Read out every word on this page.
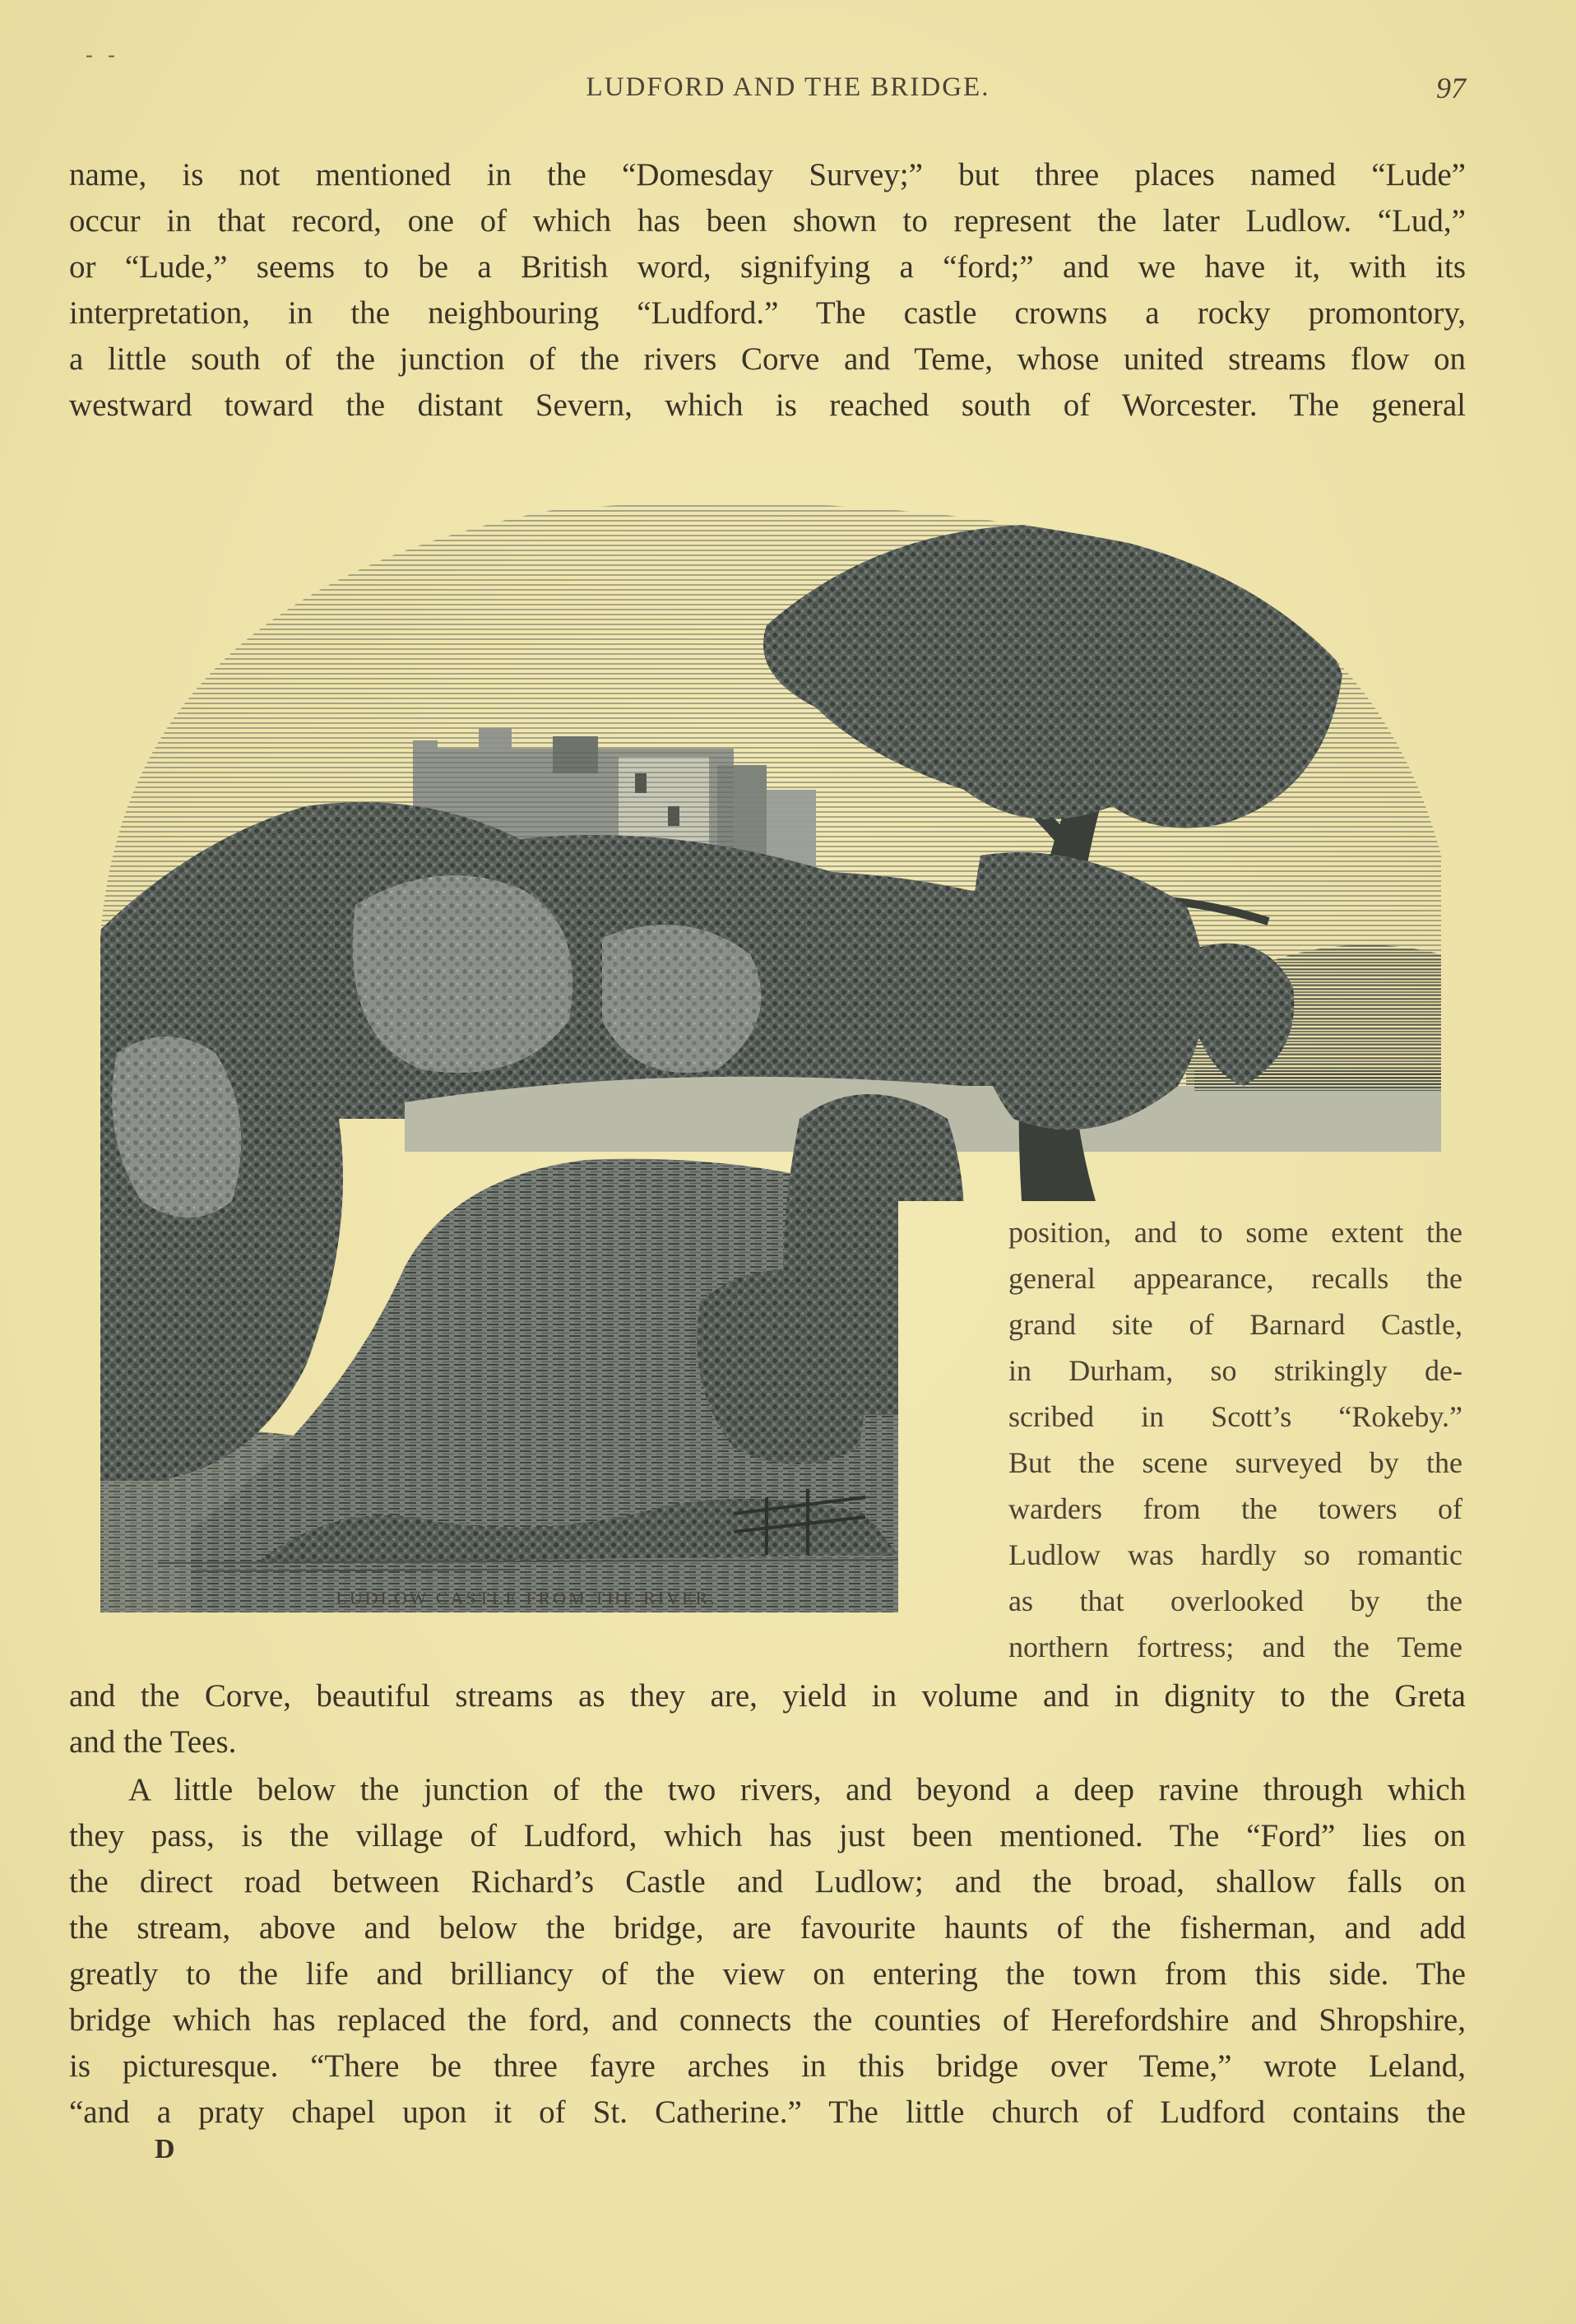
- -
LUDFORD AND THE BRIDGE.	97
name, is not mentioned in the “Domesday Survey;” but three places named “Lude”
occur in that record, one of which has been shown to represent the later Ludlow. “Lud,”
or “Lude,” seems to be a British word, signifying a “ford;” and we have it, with its
interpretation, in the neighbouring “Ludford.” The castle crowns a rocky promontory,
a little south of the junction of the rivers Corve and Teme, whose united streams flow on
westward toward the distant Severn, which is reached south of Worcester. The general
LUDLOW CASTLE FROM THE RIVER.
position, and to some extent the
general appearance, recalls the
grand site of Barnard Castle,
in Durham, so strikingly de-
scribed in Scott’s “Rokeby.”
But the scene surveyed by the
warders from the towers of
Ludlow was hardly so romantic
as that overlooked by the
northern fortress; and the Teme
and the Corve, beautiful streams as they are, yield in volume and in dignity to the Greta
and the Tees.
A little below the junction of the two rivers, and beyond a deep ravine through which
they pass, is the village of Ludford, which has just been mentioned. The “Ford” lies on
the direct road between Richard’s Castle and Ludlow; and the broad, shallow falls on
the stream, above and below the bridge, are favourite haunts of the fisherman, and add
greatly to the life and brilliancy of the view on entering the town from this side. The
bridge which has replaced the ford, and connects the counties of Herefordshire and Shropshire,
is picturesque. “There be three fayre arches in this bridge over Teme,” wrote Leland,
“and a praty chapel upon it of St. Catherine.” The little church of Ludford contains the
D
